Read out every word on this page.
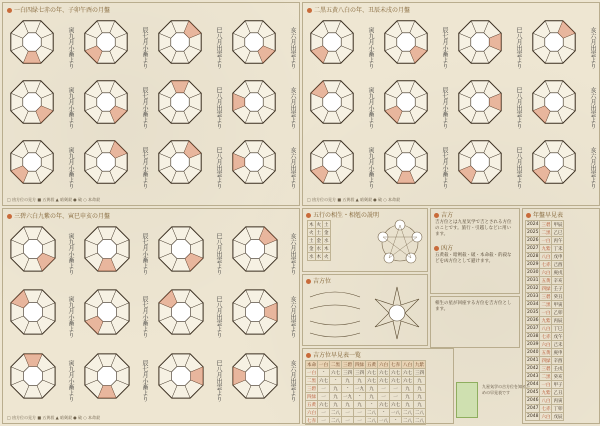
一白四緑七赤の年、子卯午酉の月盤
寅九月小畜より	辰七月小畜より	巳八月出雲より	亥六月出雲より
寅九月小畜より	辰七月小畜より	巳八月出雲より	亥六月出雲より
寅九月小畜より	辰七月小畜より	巳八月出雲より	亥六月出雲より
□ 凶方位の見方 ■ 五黄殺 ▲ 暗剣殺 ● 破 ○ 本命殺
二黒五黄八白の年、丑辰未戌の月盤
寅九月小畜より	辰七月小畜より	巳八月出雲より	亥六月出雲より
寅九月小畜より	辰七月小畜より	巳八月出雲より	亥六月出雲より
寅九月小畜より	辰七月小畜より	巳八月出雲より	亥六月出雲より
□ 凶方位の見方 ■ 五黄殺 ▲ 暗剣殺 ● 破 ○ 本命殺
三碧六白九紫の年、寅巳申亥の月盤
寅九月小畜より	辰七月小畜より	巳八月出雲より	亥六月出雲より
寅九月小畜より	辰七月小畜より	巳八月出雲より	亥六月出雲より
寅九月小畜より	辰七月小畜より	巳八月出雲より	亥六月出雲より
□ 凶方位の見方 ■ 五黄殺 ▲ 暗剣殺 ● 破 ○ 本命殺
五行の相生・相剋の説明
木	火	土
火	土	金
土	金	水
金	水	木
水	木	火
吉方
吉方位とは九星気学で吉とされる方位のことです。旅行・引越しなどに用います。
凶方
五黄殺・暗剣殺・破・本命殺・的殺などを凶方位として避けます。
吉方位
相生の星が回座する方位を吉方位とします。
吉方位早見表一覧
本命	一白	二黒	三碧	四緑	五黄	六白	七赤	八白	九紫
一白	-	六七	三四	三四	六七	六七	六七	六七	三四
二黒	六七	-	九	九	六七	六七	六七	六七	九
三碧	一	九	-	一九	九	一	一	九	九
四緑	一	九	一九	-	九	一	一	九	九
五黄	六七	九	九	九	-	六七	六七	九	九
六白	一	二八	一	一	二八	-	一八	二八	二八
七赤	一	二八	一	一	二八	一八	-	二八	二八
九星気学の吉方位を知るための早見表です
年盤早見表
2024	三碧	甲辰
2025	二黒	乙巳
2026	一白	丙午
2027	九紫	丁未
2028	八白	戊申
2029	七赤	己酉
2030	六白	庚戌
2031	五黄	辛亥
2032	四緑	壬子
2033	三碧	癸丑
2034	二黒	甲寅
2035	一白	乙卯
2036	九紫	丙辰
2037	八白	丁巳
2038	七赤	戊午
2039	六白	己未
2040	五黄	庚申
2041	四緑	辛酉
2042	三碧	壬戌
2043	二黒	癸亥
2044	一白	甲子
2045	九紫	乙丑
2046	八白	丙寅
2047	七赤	丁卯
2048	六白	戊辰
